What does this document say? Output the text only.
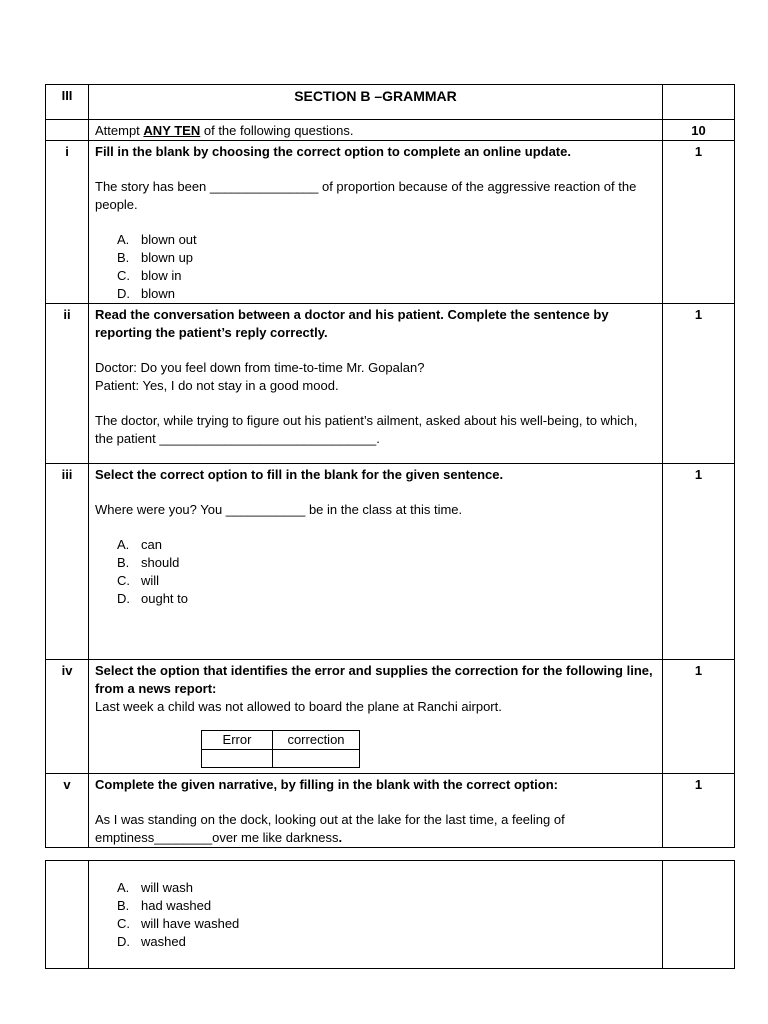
III	SECTION B –GRAMMAR

	Attempt ANY TEN of the following questions.	10
i	Fill in the blank by choosing the correct option to complete an online update.
The story has been _______________ of proportion because of the aggressive reaction of the people.
A. blown out
B. blown up
C. blow in
D. blown
	1
ii	Read the conversation between a doctor and his patient. Complete the sentence by reporting the patient’s reply correctly.
Doctor: Do you feel down from time-to-time Mr. Gopalan?
Patient: Yes, I do not stay in a good mood.
The doctor, while trying to figure out his patient’s ailment, asked about his well-being, to which, the patient ______________________________.
	1
iii	Select the correct option to fill in the blank for the given sentence.
Where were you? You ___________ be in the class at this time.
A. can
B. should
C. will
D. ought to
	1
iv	Select the option that identifies the error and supplies the correction for the following line, from a news report:
Last week a child was not allowed to board the plane at Ranchi airport.
Error	correction

	1
v	Complete the given narrative, by filling in the blank with the correct option:
As I was standing on the dock, looking out at the lake for the last time, a feeling of emptiness________over me like darkness.
	1

A. will wash
B. had washed
C. will have washed
D. washed
